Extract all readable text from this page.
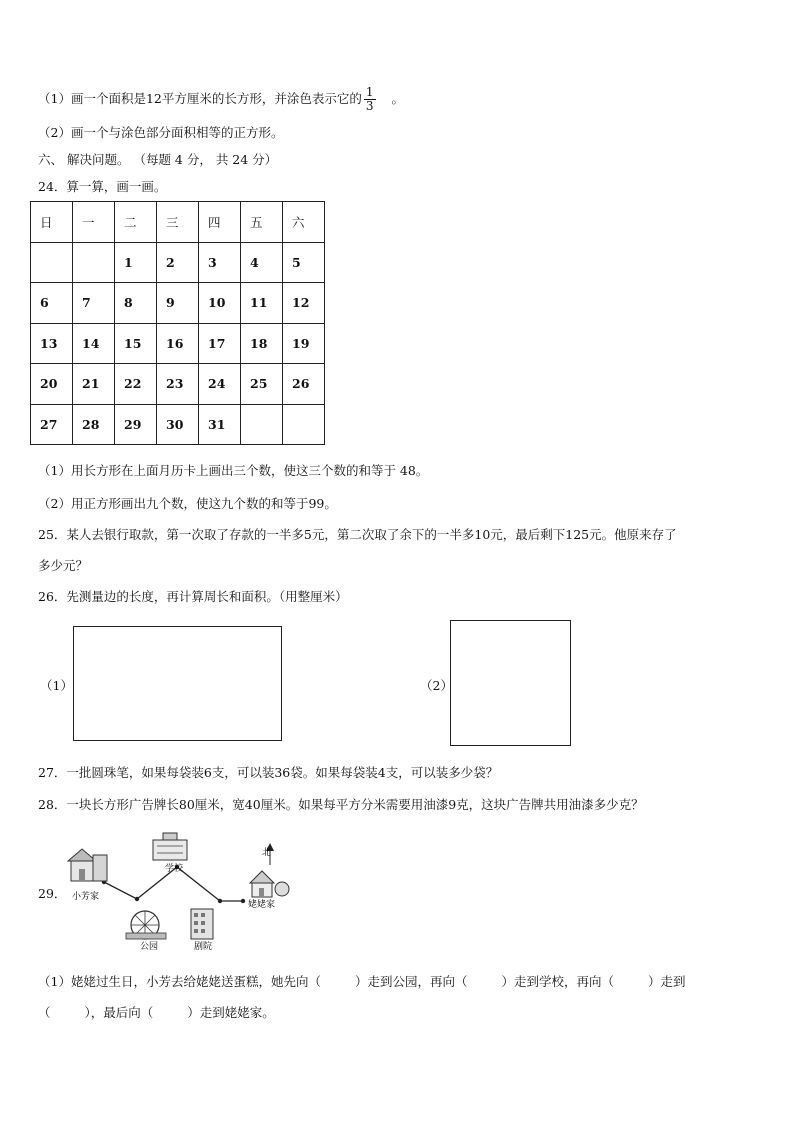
（1）画一个面积是12平方厘米的长方形，并涂色表示它的 $\frac{1}{3}$ 。
（2）画一个与涂色部分面积相等的正方形。
六、 解决问题。 （每题 4 分， 共 24 分）
24．算一算，画一画。
日	一	二	三	四	五	六
		1	2	3	4	5
6	7	8	9	10	11	12
13	14	15	16	17	18	19
20	21	22	23	24	25	26
27	28	29	30	31		
（1）用长方形在上面月历卡上画出三个数，使这三个数的和等于 48。
（2）用正方形画出九个数，使这九个数的和等于99。
25．某人去银行取款，第一次取了存款的一半多5元，第二次取了余下的一半多10元，最后剩下125元。他原来存了
多少元？
26．先测量边的长度，再计算周长和面积。（用整厘米）
（1）	（2）
27．一批圆珠笔，如果每袋装6支，可以装36袋。如果每袋装4支，可以装多少袋？
28．一块长方形广告牌长80厘米，宽40厘米。如果每平方分米需要用油漆9克，这块广告牌共用油漆多少克？
29． 小芳家
学校
北
姥姥家
公园	剧院
（1）姥姥过生日，小芳去给姥姥送蛋糕，她先向（	）走到公园，再向（	）走到学校，再向（	）走到
（	），最后向（	）走到姥姥家。
